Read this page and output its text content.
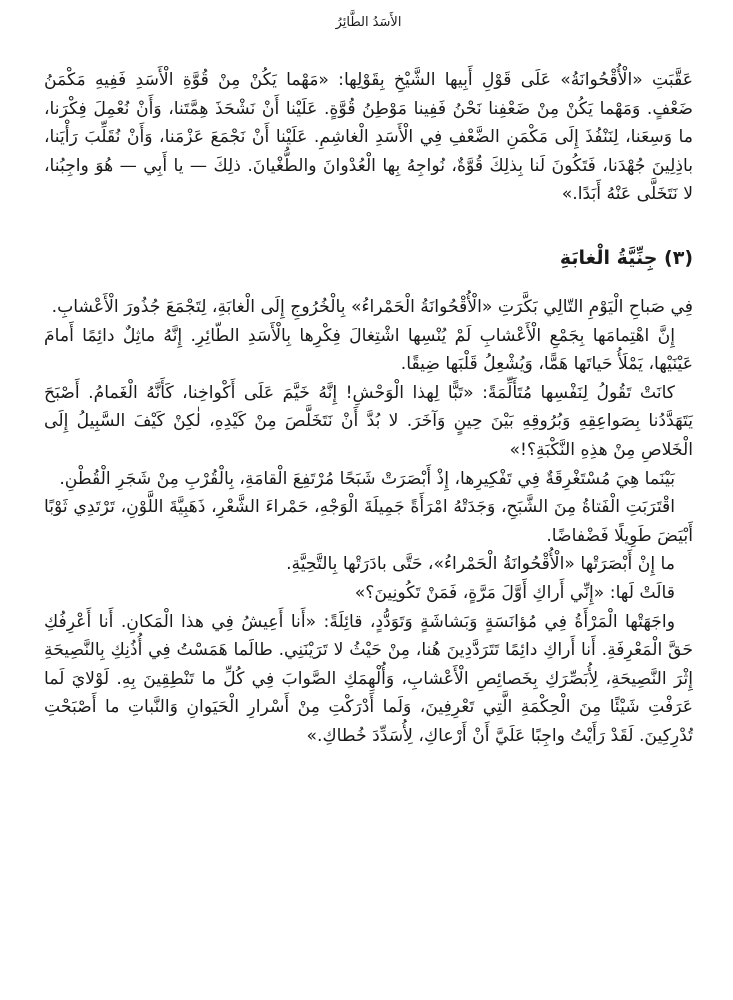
الأَسَدُ الطَّائِرُ

عَقَّبَتِ «الْأُقْحُوانَةُ» عَلَى قَوْلِ أَبِيها الشَّيْخِ بِقَوْلِها: «مَهْما يَكُنْ مِنْ قُوَّةِ الْأَسَدِ فَفِيهِ مَكْمَنُ ضَعْفٍ. وَمَهْما يَكُنْ مِنْ ضَعْفِنا نَحْنُ فَفِينا مَوْطِنُ قُوَّةٍ. عَلَيْنا أَنْ نَشْحَذَ هِمَّتَنا، وَأَنْ نُعْمِلَ فِكْرَنا، ما وَسِعَنا، لِنَنْفُذَ إِلَى مَكْمَنِ الضَّعْفِ فِي الْأَسَدِ الْغاشِمِ. عَلَيْنا أَنْ نَجْمَعَ عَزْمَنا، وَأَنْ نُقَلِّبَ رَأْيَنا، باذِلِينَ جُهْدَنا، فَتَكُونَ لَنا بِذلِكَ قُوَّةٌ، نُواجِهُ بِها الْعُدْوانَ والطُّغْيانَ. ذلِكَ — يا أَبِي — هُوَ واجِبُنا، لا نَتَخَلَّى عَنْهُ أَبَدًا.»

(٣) جِنِّيَّةُ الْغابَةِ

فِي صَباحِ الْيَوْمِ التّالِي بَكَّرَتِ «الْأُقْحُوانَةُ الْحَمْراءُ» بِالْخُرُوجِ إِلَى الْغابَةِ، لِتَجْمَعَ جُذُورَ الْأَعْشابِ.

إِنَّ اهْتِمامَها بِجَمْعِ الْأَعْشابِ لَمْ يُنْسِها اشْتِغالَ فِكْرِها بِالْأَسَدِ الطّائِرِ. إِنَّهُ ماثِلٌ دائِمًا أَمامَ عَيْنَيْها، يَمْلَأُ حَياتَها هَمًّا، وَيُشْعِلُ قَلْبَها ضِيقًا.

كانَتْ تَقُولُ لِنَفْسِها مُتَأَلِّمَةً: «تَبًّا لِهذا الْوَحْشِ! إِنَّهُ خَيَّمَ عَلَى أَكْواخِنا، كَأَنَّهُ الْغَمامُ. أَصْبَحَ يَتَهَدَّدُنا بِصَواعِقِهِ وَبُرُوقِهِ بَيْنَ حِينٍ وَآخَرَ. لا بُدَّ أَنْ نَتَخَلَّصَ مِنْ كَيْدِهِ، لٰكِنْ كَيْفَ السَّبِيلُ إِلَى الْخَلاصِ مِنْ هذِهِ النَّكْبَةِ؟!»

بَيْنَما هِيَ مُسْتَغْرِقَةٌ فِي تَفْكِيرِها، إِذْ أَبْصَرَتْ شَبَحًا مُرْتَفِعَ الْقامَةِ، بِالْقُرْبِ مِنْ شَجَرِ الْقُطْنِ.

اقْتَرَبَتِ الْفَتاةُ مِنَ الشَّبَحِ، وَجَدَتْهُ امْرَأَةً جَمِيلَةَ الْوَجْهِ، حَمْراءَ الشَّعْرِ، ذَهَبِيَّةَ اللَّوْنِ، تَرْتَدِي ثَوْبًا أَبْيَضَ طَوِيلًا فَضْفاضًا.

ما إِنْ أَبْصَرَتْها «الْأُقْحُوانَةُ الْحَمْراءُ»، حَتَّى بادَرَتْها بِالتَّحِيَّةِ.

قالَتْ لَها: «إِنِّي أَراكِ أَوَّلَ مَرَّةٍ، فَمَنْ تَكُونِينَ؟»

واجَهَتْها الْمَرْأَةُ فِي مُؤانَسَةٍ وَبَشاشَةٍ وَتَوَدُّدٍ، قائِلَةً: «أَنا أَعِيشُ فِي هذا الْمَكانِ. أَنا أَعْرِفُكِ حَقَّ الْمَعْرِفَةِ. أَنا أَراكِ دائِمًا تَتَرَدَّدِينَ هُنا، مِنْ حَيْثُ لا تَرَيْنَنِي. طالَما هَمَسْتُ فِي أُذُنِكِ بِالنَّصِيحَةِ إِثْرَ النَّصِيحَةِ، لِأُبَصِّرَكِ بِخَصائِصِ الْأَعْشابِ، وَأُلْهِمَكِ الصَّوابَ فِي كُلِّ ما تَنْطِقِينَ بِهِ. لَوْلايَ لَما عَرَفْتِ شَيْئًا مِنَ الْحِكْمَةِ الَّتِي تَعْرِفِينَ، وَلَما أَدْرَكْتِ مِنْ أَسْرارِ الْحَيَوانِ وَالنَّباتِ ما أَصْبَحْتِ تُدْرِكِينَ. لَقَدْ رَأَيْتُ واجِبًا عَلَيَّ أَنْ أَرْعاكِ، لِأُسَدِّدَ خُطاكِ.»
